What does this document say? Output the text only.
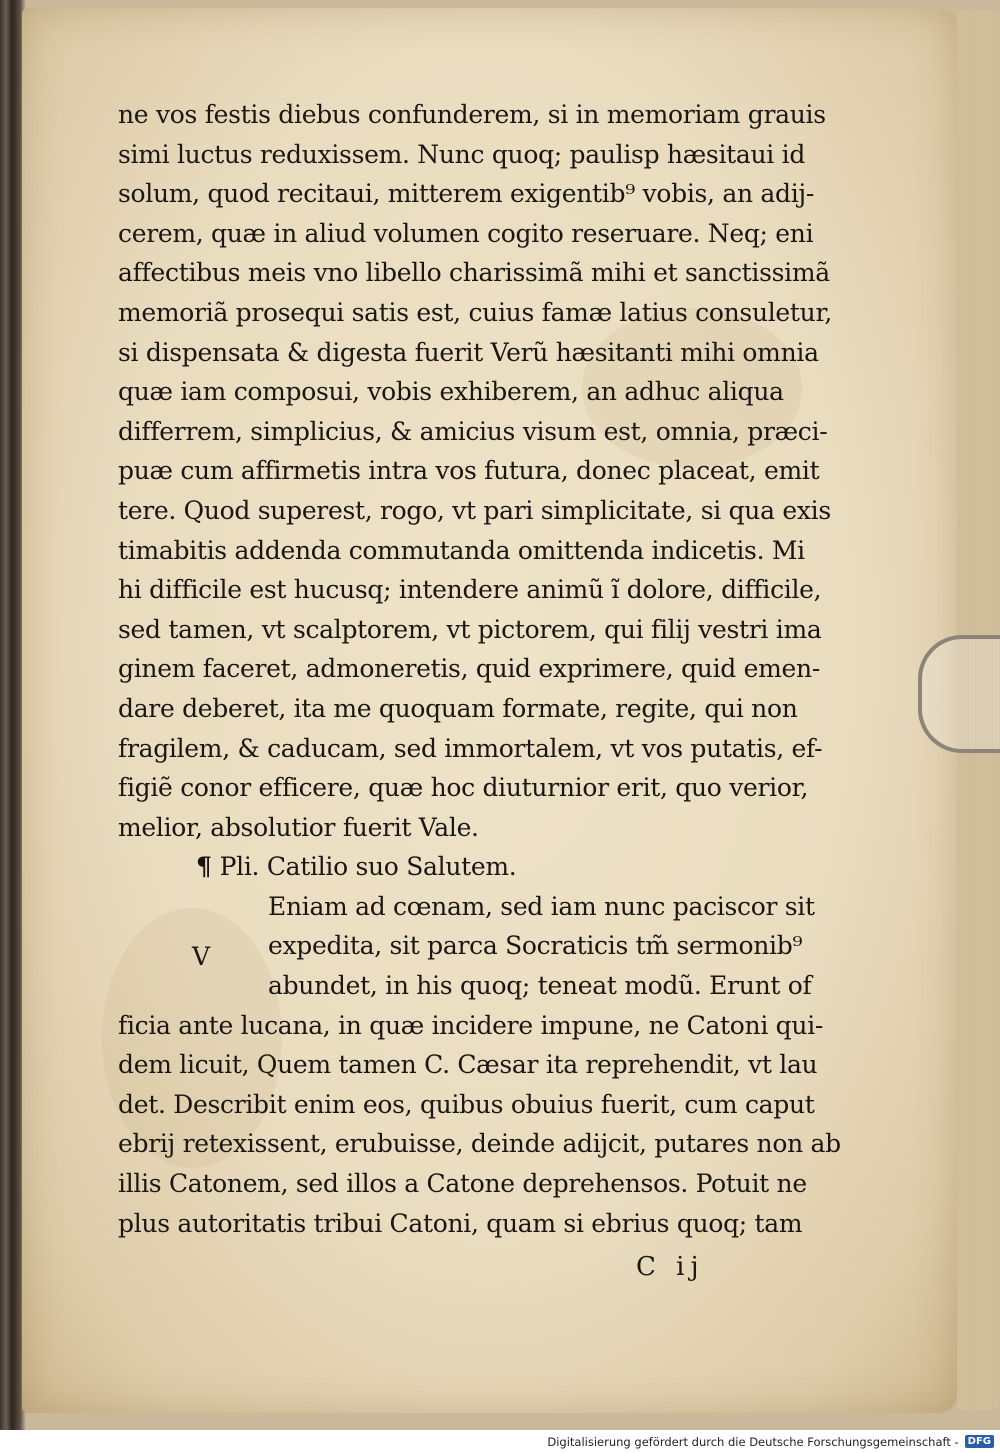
ne vos festis diebus confunderem, si in memoriam grauis
simi luctus reduxissem. Nunc quoq; paulisp hæsitaui id
solum, quod recitaui, mitterem exigentib⁹ vobis, an adij-
cerem, quæ in aliud volumen cogito reseruare. Neq; eni
affectibus meis vno libello charissimã mihi et sanctissimã
memoriã prosequi satis est, cuius famæ latius consuletur,
si dispensata & digesta fuerit Verũ hæsitanti mihi omnia
quæ iam composui, vobis exhiberem, an adhuc aliqua
differrem, simplicius, & amicius visum est, omnia, præci-
puæ cum affirmetis intra vos futura, donec placeat, emit
tere. Quod superest, rogo, vt pari simplicitate, si qua exis
timabitis addenda commutanda omittenda indicetis. Mi
hi difficile est hucusq; intendere animũ ĩ dolore, difficile,
sed tamen, vt scalptorem, vt pictorem, qui filij vestri ima
ginem faceret, admoneretis, quid exprimere, quid emen-
dare deberet, ita me quoquam formate, regite, qui non
fragilem, & caducam, sed immortalem, vt vos putatis, ef-
figiẽ conor efficere, quæ hoc diuturnior erit, quo verior,
melior, absolutior fuerit Vale.
¶ Pli. Catilio suo Salutem.
Eniam ad cœnam, sed iam nunc paciscor sit
expedita, sit parca Socraticis tm̃ sermonib⁹
abundet, in his quoq; teneat modũ. Erunt of
ficia ante lucana, in quæ incidere impune, ne Catoni qui-
dem licuit, Quem tamen C. Cæsar ita reprehendit, vt lau
det. Describit enim eos, quibus obuius fuerit, cum caput
ebrij retexissent, erubuisse, deinde adijcit, putares non ab
illis Catonem, sed illos a Catone deprehensos. Potuit ne
plus autoritatis tribui Catoni, quam si ebrius quoq; tam
V
C ij
Digitalisierung gefördert durch die Deutsche Forschungsgemeinschaft - DFG
